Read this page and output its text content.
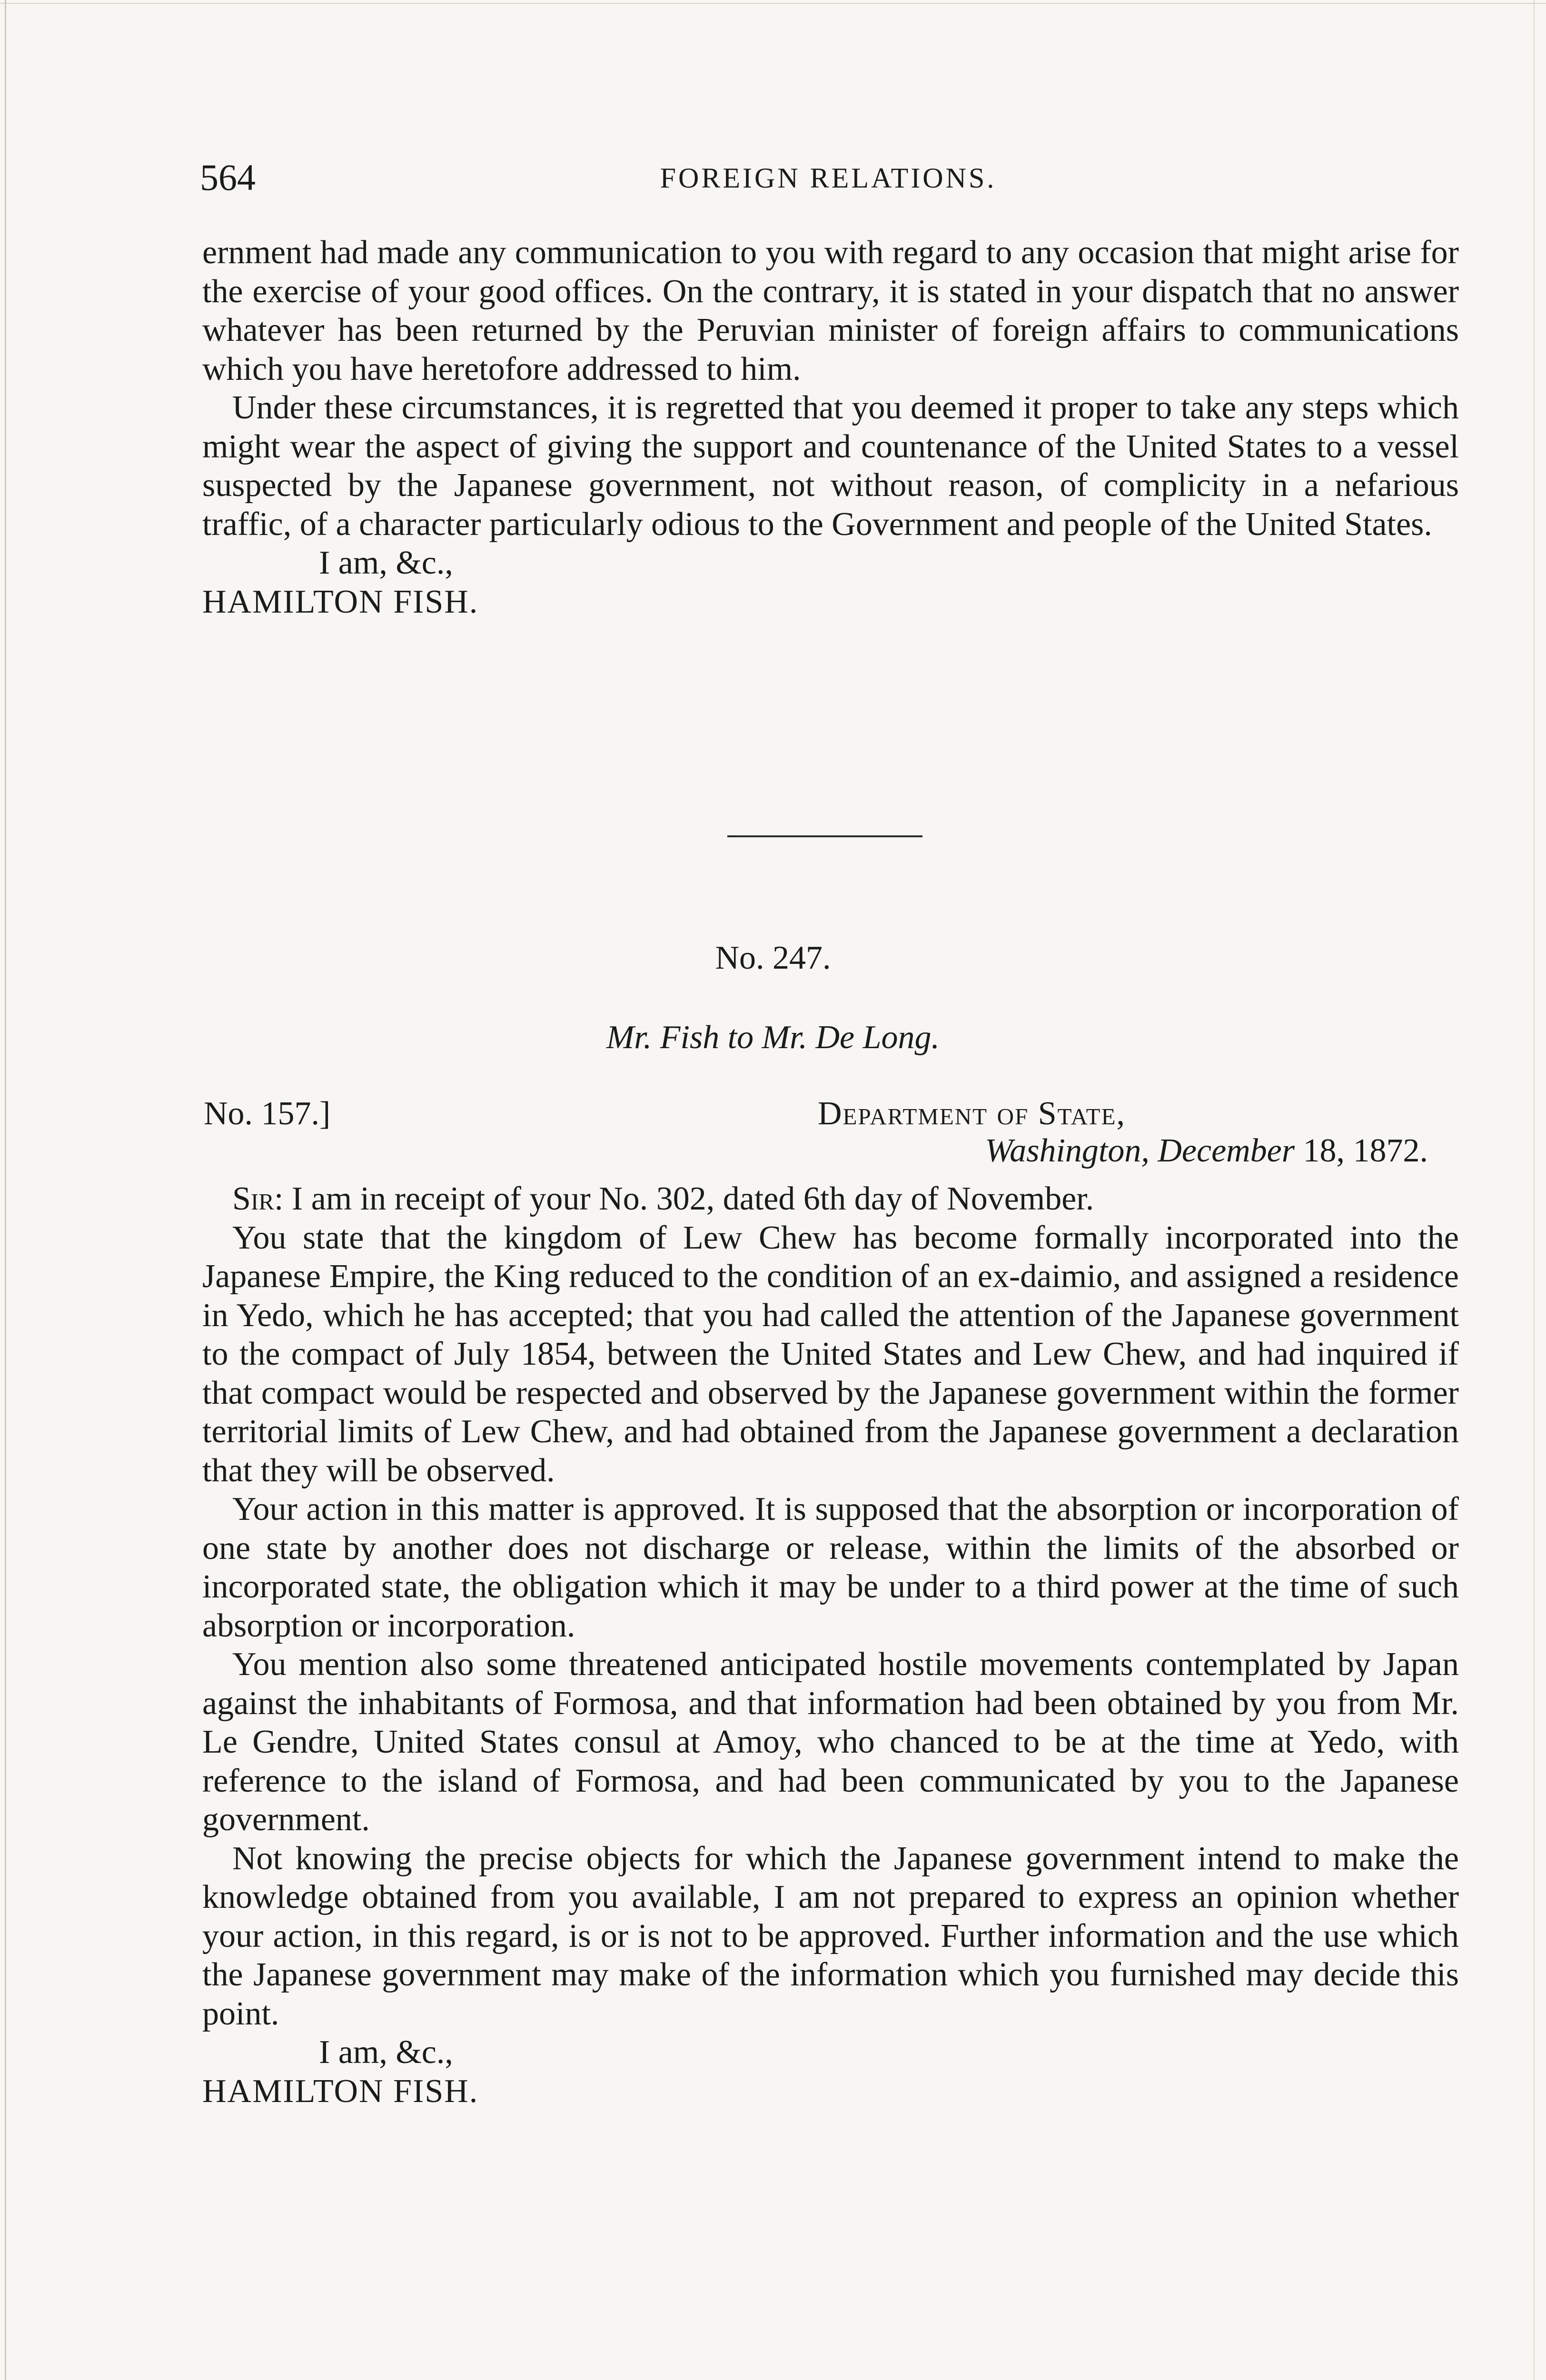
564	FOREIGN RELATIONS.

ernment had made any communication to you with regard to any occasion that might arise for the exercise of your good offices. On the contrary, it is stated in your dispatch that no answer whatever has been returned by the Peruvian minister of foreign affairs to communications which you have heretofore addressed to him.

Under these circumstances, it is regretted that you deemed it proper to take any steps which might wear the aspect of giving the support and countenance of the United States to a vessel suspected by the Japanese government, not without reason, of complicity in a nefarious traffic, of a character particularly odious to the Government and people of the United States.

I am, &c.,

HAMILTON FISH.

No. 247.
Mr. Fish to Mr. De Long.
No. 157.]	Department of State,
Washington, December 18, 1872.

Sir: I am in receipt of your No. 302, dated 6th day of November.

You state that the kingdom of Lew Chew has become formally incorporated into the Japanese Empire, the King reduced to the condition of an ex-daimio, and assigned a residence in Yedo, which he has accepted; that you had called the attention of the Japanese government to the compact of July 1854, between the United States and Lew Chew, and had inquired if that compact would be respected and observed by the Japanese government within the former territorial limits of Lew Chew, and had obtained from the Japanese government a declaration that they will be observed.

Your action in this matter is approved. It is supposed that the absorption or incorporation of one state by another does not discharge or release, within the limits of the absorbed or incorporated state, the obligation which it may be under to a third power at the time of such absorption or incorporation.

You mention also some threatened anticipated hostile movements contemplated by Japan against the inhabitants of Formosa, and that information had been obtained by you from Mr. Le Gendre, United States consul at Amoy, who chanced to be at the time at Yedo, with reference to the island of Formosa, and had been communicated by you to the Japanese government.

Not knowing the precise objects for which the Japanese government intend to make the knowledge obtained from you available, I am not prepared to express an opinion whether your action, in this regard, is or is not to be approved. Further information and the use which the Japanese government may make of the information which you furnished may decide this point.

I am, &c.,

HAMILTON FISH.
